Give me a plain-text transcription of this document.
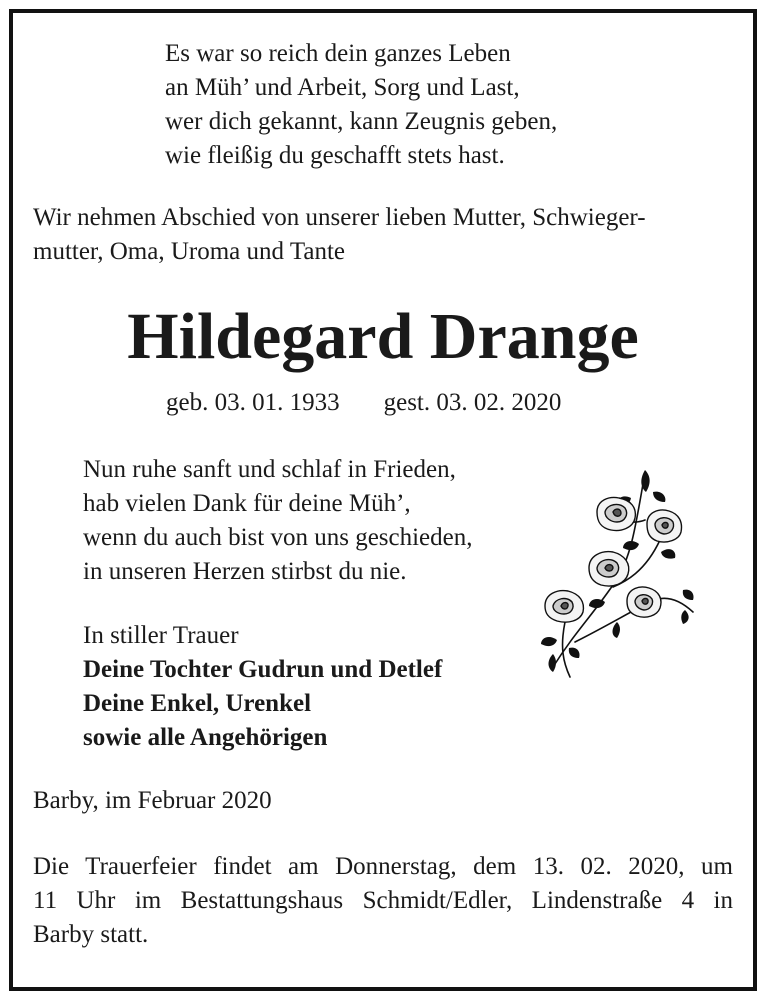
Es war so reich dein ganzes Leben
an Müh’ und Arbeit, Sorg und Last,
wer dich gekannt, kann Zeugnis geben,
wie fleißig du geschafft stets hast.
Wir nehmen Abschied von unserer lieben Mutter, Schwieger-
mutter, Oma, Uroma und Tante
Hildegard Drange
geb. 03. 01. 1933 gest. 03. 02. 2020
Nun ruhe sanft und schlaf in Frieden,
hab vielen Dank für deine Müh’,
wenn du auch bist von uns geschieden,
in unseren Herzen stirbst du nie.
In stiller Trauer
Deine Tochter Gudrun und Detlef
Deine Enkel, Urenkel
sowie alle Angehörigen
Barby, im Februar 2020
Die Trauerfeier findet am Donnerstag, dem 13. 02. 2020, um
11 Uhr im Bestattungshaus Schmidt/Edler, Lindenstraße 4 in
Barby statt.
